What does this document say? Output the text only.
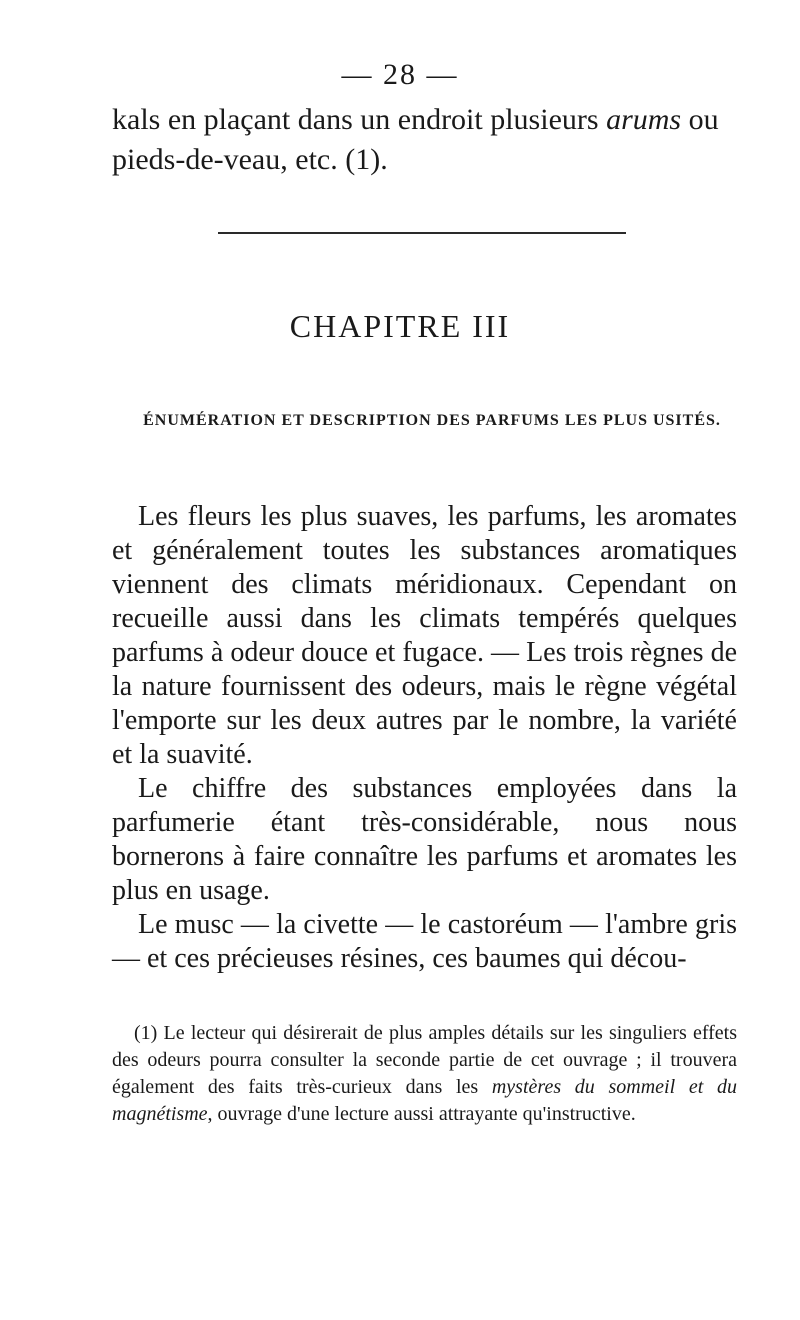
— 28 —
kals en plaçant dans un endroit plusieurs arums ou pieds-de-veau, etc. (1).
CHAPITRE III
ÉNUMÉRATION ET DESCRIPTION DES PARFUMS LES PLUS USITÉS.

Les fleurs les plus suaves, les parfums, les aromates et généralement toutes les substances aromatiques viennent des climats méridionaux. Cependant on recueille aussi dans les climats tempérés quelques parfums à odeur douce et fugace. — Les trois règnes de la nature fournissent des odeurs, mais le règne végétal l'emporte sur les deux autres par le nombre, la variété et la suavité.

Le chiffre des substances employées dans la parfumerie étant très-considérable, nous nous bornerons à faire connaître les parfums et aromates les plus en usage.

Le musc — la civette — le castoréum — l'ambre gris — et ces précieuses résines, ces baumes qui décou-

(1) Le lecteur qui désirerait de plus amples détails sur les singuliers effets des odeurs pourra consulter la seconde partie de cet ouvrage ; il trouvera également des faits très-curieux dans les mystères du sommeil et du magnétisme, ouvrage d'une lecture aussi attrayante qu'instructive.
